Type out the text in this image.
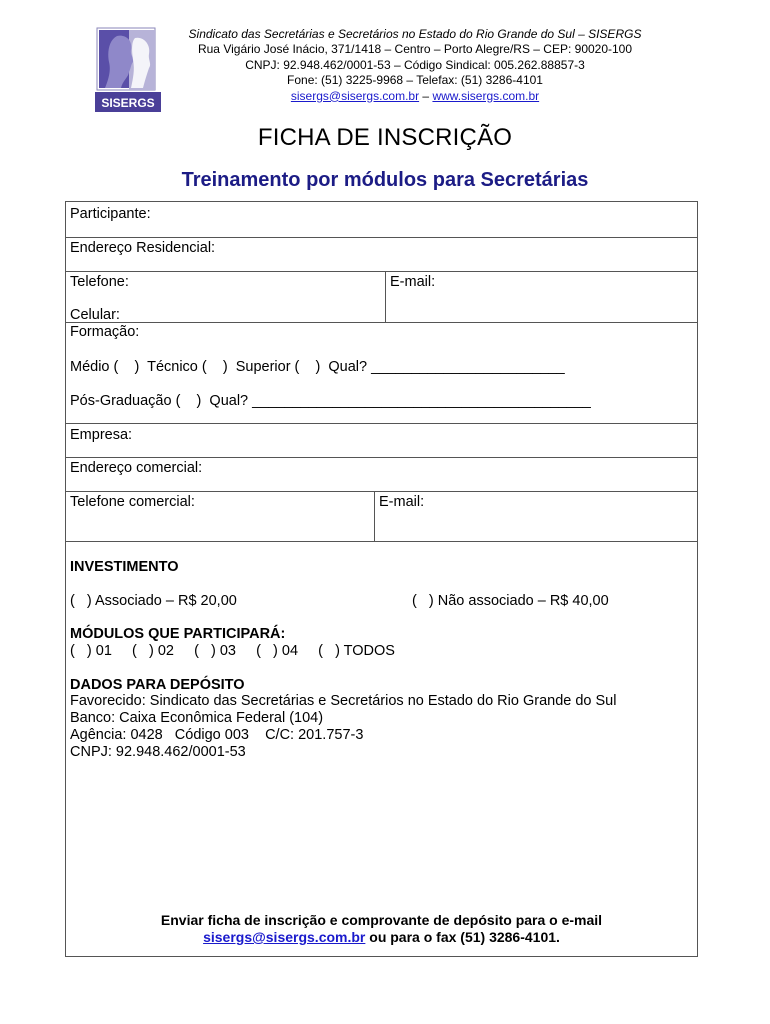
SISERGS
Sindicato das Secretárias e Secretários no Estado do Rio Grande do Sul – SISERGS
Rua Vigário José Inácio, 371/1418 – Centro – Porto Alegre/RS – CEP: 90020-100
CNPJ: 92.948.462/0001-53 – Código Sindical: 005.262.88857-3
Fone: (51) 3225-9968 – Telefax: (51) 3286-4101
sisergs@sisergs.com.br – www.sisergs.com.br
FICHA DE INSCRIÇÃO
Treinamento por módulos para Secretárias
Participante:
Endereço Residencial:
Telefone:	E-mail:
Celular:
Formação:
Médio (    )  Técnico (    )  Superior (    )  Qual? ________________________
Pós-Graduação (    )  Qual? __________________________________________
Empresa:
Endereço comercial:
Telefone comercial:	E-mail:
INVESTIMENTO
(   ) Associado – R$ 20,00	(   ) Não associado – R$ 40,00
MÓDULOS QUE PARTICIPARÁ:
(   ) 01     (   ) 02     (   ) 03     (   ) 04     (   ) TODOS
DADOS PARA DEPÓSITO
Favorecido: Sindicato das Secretárias e Secretários no Estado do Rio Grande do Sul
Banco: Caixa Econômica Federal (104)
Agência: 0428   Código 003    C/C: 201.757-3
CNPJ: 92.948.462/0001-53
Enviar ficha de inscrição e comprovante de depósito para o e-mail
sisergs@sisergs.com.br ou para o fax (51) 3286-4101.
